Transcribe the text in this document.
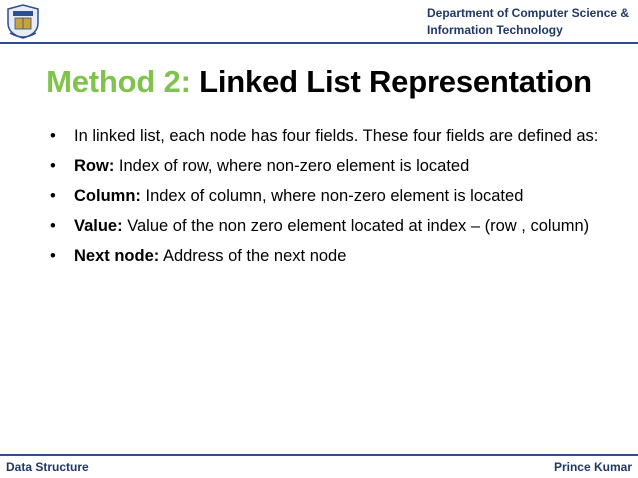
Department of Computer Science &
Information Technology
Method 2: Linked List Representation
• In linked list, each node has four fields. These four fields are defined as:
• Row: Index of row, where non-zero element is located
• Column: Index of column, where non-zero element is located
• Value: Value of the non zero element located at index – (row , column)
• Next node: Address of the next node
Data Structure	Prince Kumar
